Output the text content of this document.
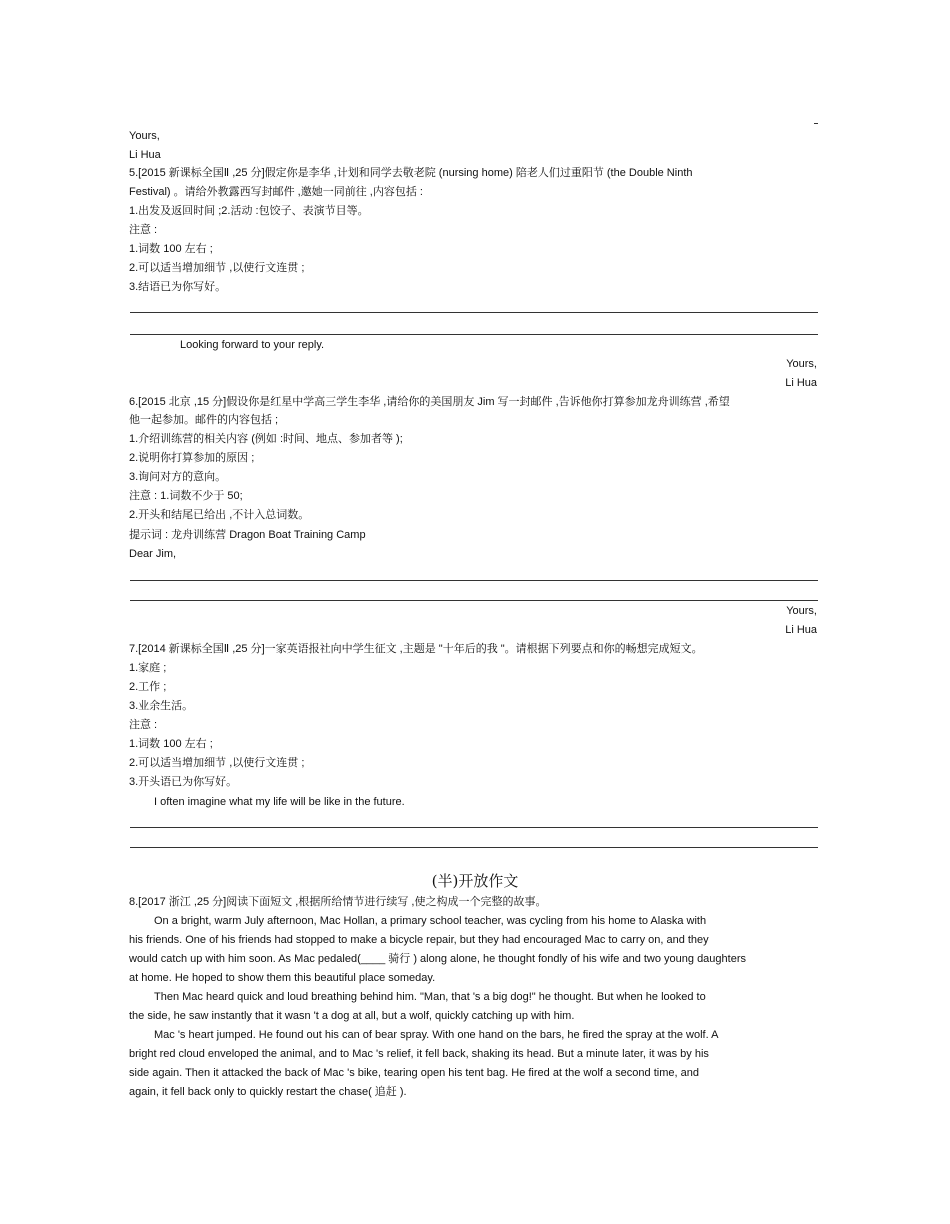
Yours,
Li Hua
5.[2015 新课标全国Ⅱ ,25 分]假定你是李华 ,计划和同学去敬老院 (nursing home) 陪老人们过重阳节 (the Double Ninth
Festival) 。请给外教露西写封邮件 ,邀她一同前往 ,内容包括 :
1.出发及返回时间 ;2.活动 :包饺子、表演节目等。
注意 :
1.词数 100 左右 ;
2.可以适当增加细节 ,以使行文连贯 ;
3.结语已为你写好。
Looking forward to your reply.
Yours,
Li Hua
6.[2015 北京 ,15 分]假设你是红星中学高三学生李华 ,请给你的美国朋友 Jim 写一封邮件 ,告诉他你打算参加龙舟训练营 ,希望
他一起参加。邮件的内容包括 ;
1.介绍训练营的相关内容 (例如 :时间、地点、参加者等 );
2.说明你打算参加的原因 ;
3.询问对方的意向。
注意 : 1.词数不少于 50;
2.开头和结尾已给出 ,不计入总词数。
提示词 : 龙舟训练营 Dragon Boat Training Camp
Dear Jim,
Yours,
Li Hua
7.[2014 新课标全国Ⅱ ,25 分]一家英语报社向中学生征文 ,主题是 "十年后的我 "。请根据下列要点和你的畅想完成短文。
1.家庭 ;
2.工作 ;
3.业余生活。
注意 :
1.词数 100 左右 ;
2.可以适当增加细节 ,以使行文连贯 ;
3.开头语已为你写好。
I often imagine what my life will be like in the future.
(半)开放作文
8.[2017 浙江 ,25 分]阅读下面短文 ,根据所给情节进行续写 ,使之构成一个完整的故事。
On a bright, warm July afternoon, Mac Hollan, a primary school teacher, was cycling from his home to Alaska with
his friends. One of his friends had stopped to make a bicycle repair, but they had encouraged Mac to carry on, and they
would catch up with him soon. As Mac pedaled(____ 骑行 ) along alone, he thought fondly of his wife and two young daughters
at home. He hoped to show them this beautiful place someday.
Then Mac heard quick and loud breathing behind him. "Man, that 's a big dog!" he thought. But when he looked to
the side, he saw instantly that it wasn 't a dog at all, but a wolf, quickly catching up with him.
Mac 's heart jumped. He found out his can of bear spray. With one hand on the bars, he fired the spray at the wolf. A
bright red cloud enveloped the animal, and to Mac 's relief, it fell back, shaking its head. But a minute later, it was by his
side again. Then it attacked the back of Mac 's bike, tearing open his tent bag. He fired at the wolf a second time, and
again, it fell back only to quickly restart the chase( 追赶 ).
